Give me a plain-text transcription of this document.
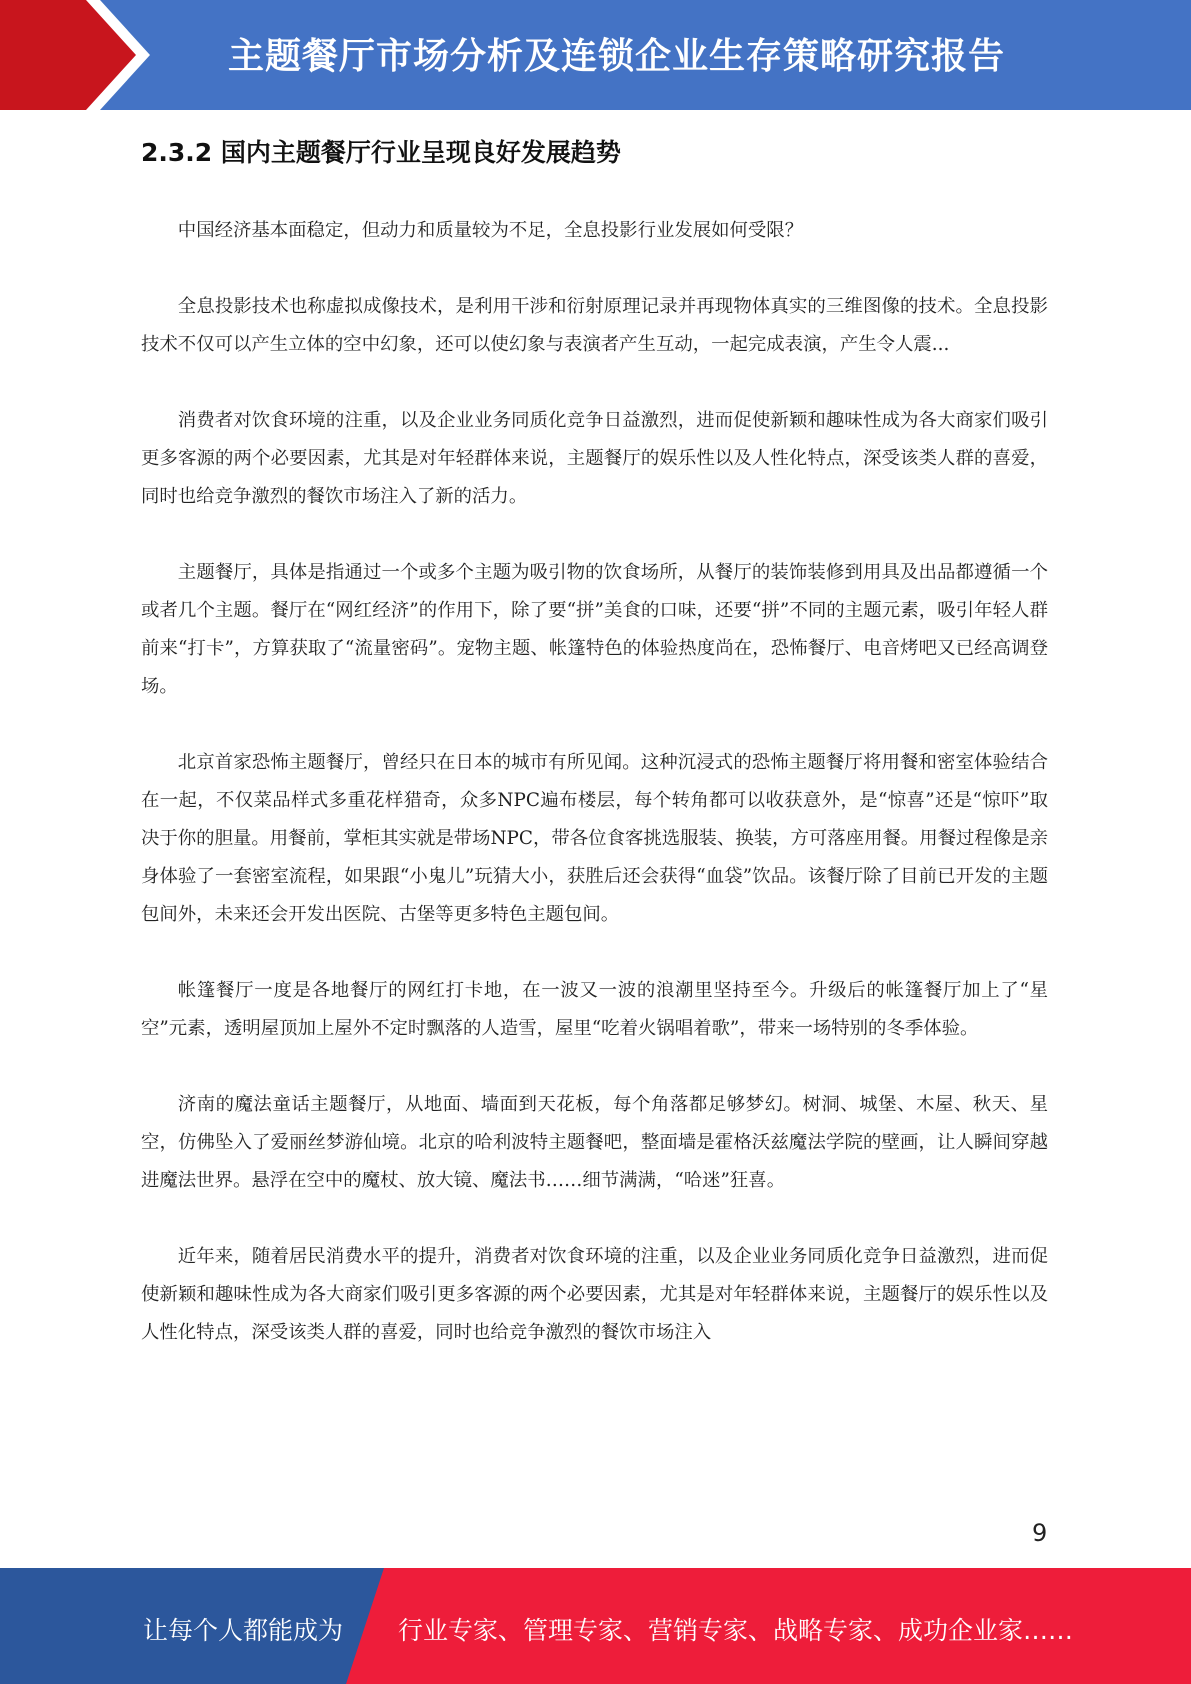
主题餐厅市场分析及连锁企业生存策略研究报告
2.3.2 国内主题餐厅行业呈现良好发展趋势

中国经济基本面稳定，但动力和质量较为不足，全息投影行业发展如何受限？

全息投影技术也称虚拟成像技术，是利用干涉和衍射原理记录并再现物体真实的三维图像的技术。全息投影技术不仅可以产生立体的空中幻象，还可以使幻象与表演者产生互动，一起完成表演，产生令人震...

消费者对饮食环境的注重，以及企业业务同质化竞争日益激烈，进而促使新颖和趣味性成为各大商家们吸引更多客源的两个必要因素，尤其是对年轻群体来说，主题餐厅的娱乐性以及人性化特点，深受该类人群的喜爱，同时也给竞争激烈的餐饮市场注入了新的活力。

主题餐厅，具体是指通过一个或多个主题为吸引物的饮食场所，从餐厅的装饰装修到用具及出品都遵循一个或者几个主题。餐厅在“网红经济”的作用下，除了要“拼”美食的口味，还要“拼”不同的主题元素，吸引年轻人群前来“打卡”，方算获取了“流量密码”。宠物主题、帐篷特色的体验热度尚在，恐怖餐厅、电音烤吧又已经高调登场。

北京首家恐怖主题餐厅，曾经只在日本的城市有所见闻。这种沉浸式的恐怖主题餐厅将用餐和密室体验结合在一起，不仅菜品样式多重花样猎奇，众多NPC遍布楼层，每个转角都可以收获意外，是“惊喜”还是“惊吓”取决于你的胆量。用餐前，掌柜其实就是带场NPC，带各位食客挑选服装、换装，方可落座用餐。用餐过程像是亲身体验了一套密室流程，如果跟“小鬼儿”玩猜大小，获胜后还会获得“血袋”饮品。该餐厅除了目前已开发的主题包间外，未来还会开发出医院、古堡等更多特色主题包间。

帐篷餐厅一度是各地餐厅的网红打卡地，在一波又一波的浪潮里坚持至今。升级后的帐篷餐厅加上了“星空”元素，透明屋顶加上屋外不定时飘落的人造雪，屋里“吃着火锅唱着歌”，带来一场特别的冬季体验。

济南的魔法童话主题餐厅，从地面、墙面到天花板，每个角落都足够梦幻。树洞、城堡、木屋、秋天、星空，仿佛坠入了爱丽丝梦游仙境。北京的哈利波特主题餐吧，整面墙是霍格沃兹魔法学院的壁画，让人瞬间穿越进魔法世界。悬浮在空中的魔杖、放大镜、魔法书……细节满满，“哈迷”狂喜。

近年来，随着居民消费水平的提升，消费者对饮食环境的注重，以及企业业务同质化竞争日益激烈，进而促使新颖和趣味性成为各大商家们吸引更多客源的两个必要因素，尤其是对年轻群体来说，主题餐厅的娱乐性以及人性化特点，深受该类人群的喜爱，同时也给竞争激烈的餐饮市场注入

9
让每个人都能成为 行业专家、管理专家、营销专家、战略专家、成功企业家……
